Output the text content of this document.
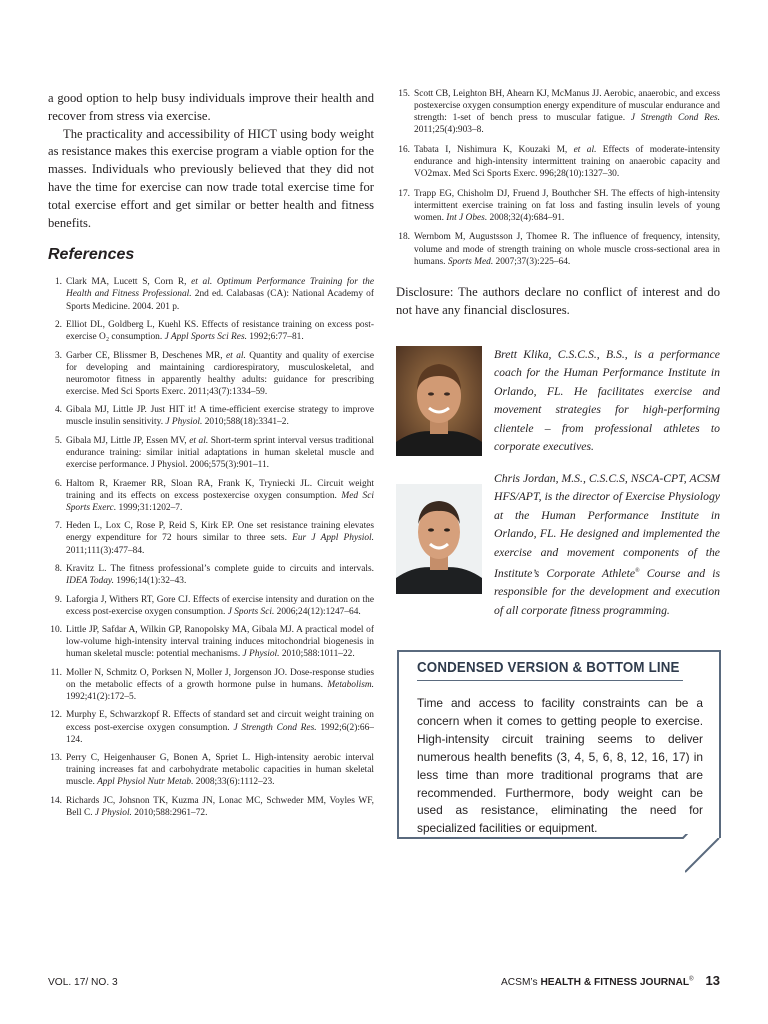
a good option to help busy individuals improve their health and recover from stress via exercise.

The practicality and accessibility of HICT using body weight as resistance makes this exercise program a viable option for the masses. Individuals who previously believed that they did not have the time for exercise can now trade total exercise time for total exercise effort and get similar or better health and fitness benefits.

References
1. Clark MA, Lucett S, Corn R, et al. Optimum Performance Training for the Health and Fitness Professional. 2nd ed. Calabasas (CA): National Academy of Sports Medicine. 2004. 201 p.
2. Elliot DL, Goldberg L, Kuehl KS. Effects of resistance training on excess post-exercise O₂ consumption. J Appl Sports Sci Res. 1992;6:77–81.
3. Garber CE, Blissmer B, Deschenes MR, et al. Quantity and quality of exercise for developing and maintaining cardiorespiratory, musculoskeletal, and neuromotor fitness in apparently healthy adults: guidance for prescribing exercise. Med Sci Sports Exerc. 2011;43(7):1334–59.
4. Gibala MJ, Little JP. Just HIT it! A time-efficient exercise strategy to improve muscle insulin sensitivity. J Physiol. 2010;588(18):3341–2.
5. Gibala MJ, Little JP, Essen MV, et al. Short-term sprint interval versus traditional endurance training: similar initial adaptations in human skeletal muscle and exercise performance. J Physiol. 2006;575(3):901–11.
6. Haltom R, Kraemer RR, Sloan RA, Frank K, Tryniecki JL. Circuit weight training and its effects on excess postexercise oxygen consumption. Med Sci Sports Exerc. 1999;31:1202–7.
7. Heden L, Lox C, Rose P, Reid S, Kirk EP. One set resistance training elevates energy expenditure for 72 hours similar to three sets. Eur J Appl Physiol. 2011;111(3):477–84.
8. Kravitz L. The fitness professional’s complete guide to circuits and intervals. IDEA Today. 1996;14(1):32–43.
9. Laforgia J, Withers RT, Gore CJ. Effects of exercise intensity and duration on the excess post-exercise oxygen consumption. J Sports Sci. 2006;24(12):1247–64.
10. Little JP, Safdar A, Wilkin GP, Ranopolsky MA, Gibala MJ. A practical model of low-volume high-intensity interval training induces mitochondrial biogenesis in human skeletal muscle: potential mechanisms. J Physiol. 2010;588:1011–22.
11. Moller N, Schmitz O, Porksen N, Moller J, Jorgenson JO. Dose-response studies on the metabolic effects of a growth hormone pulse in humans. Metabolism. 1992;41(2):172–5.
12. Murphy E, Schwarzkopf R. Effects of standard set and circuit weight training on excess post-exercise oxygen consumption. J Strength Cond Res. 1992;6(2):66–124.
13. Perry C, Heigenhauser G, Bonen A, Spriet L. High-intensity aerobic interval training increases fat and carbohydrate metabolic capacities in human skeletal muscle. Appl Physiol Nutr Metab. 2008;33(6):1112–23.
14. Richards JC, Johsnon TK, Kuzma JN, Lonac MC, Schweder MM, Voyles WF, Bell C. J Physiol. 2010;588:2961–72.
15. Scott CB, Leighton BH, Ahearn KJ, McManus JJ. Aerobic, anaerobic, and excess postexercise oxygen consumption energy expenditure of muscular endurance and strength: 1-set of bench press to muscular fatigue. J Strength Cond Res. 2011;25(4):903–8.
16. Tabata I, Nishimura K, Kouzaki M, et al. Effects of moderate-intensity endurance and high-intensity intermittent training on anaerobic capacity and VO2max. Med Sci Sports Exerc. 996;28(10):1327–30.
17. Trapp EG, Chisholm DJ, Fruend J, Bouthcher SH. The effects of high-intensity intermittent exercise training on fat loss and fasting insulin levels of young women. Int J Obes. 2008;32(4):684–91.
18. Wernbom M, Augustsson J, Thomee R. The influence of frequency, intensity, volume and mode of strength training on whole muscle cross-sectional area in humans. Sports Med. 2007;37(3):225–64.

Disclosure: The authors declare no conflict of interest and do not have any financial disclosures.

Brett Klika, C.S.C.S., B.S., is a performance coach for the Human Performance Institute in Orlando, FL. He facilitates exercise and movement strategies for high-performing clientele – from professional athletes to corporate executives.

Chris Jordan, M.S., C.S.C.S, NSCA-CPT, ACSM HFS/APT, is the director of Exercise Physiology at the Human Performance Institute in Orlando, FL. He designed and implemented the exercise and movement components of the Institute’s Corporate Athlete® Course and is responsible for the development and execution of all corporate fitness programming.

CONDENSED VERSION & BOTTOM LINE
Time and access to facility constraints can be a concern when it comes to getting people to exercise. High-intensity circuit training seems to deliver numerous health benefits (3, 4, 5, 6, 8, 12, 16, 17) in less time than more traditional programs that are recommended. Furthermore, body weight can be used as resistance, eliminating the need for specialized facilities or equipment.
VOL. 17/ NO. 3	ACSM’s HEALTH & FITNESS JOURNAL® 13
